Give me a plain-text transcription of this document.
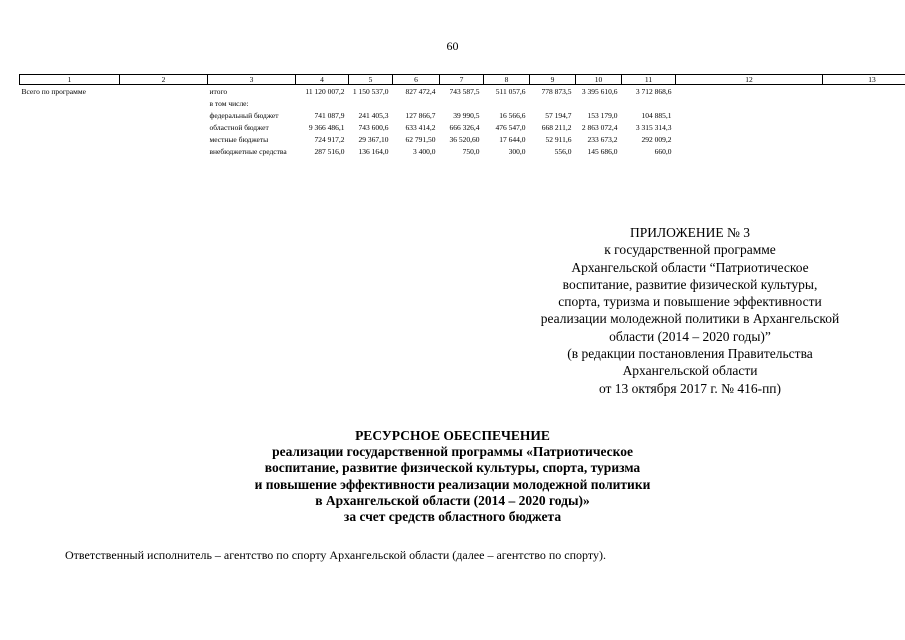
60
1	2	3	4	5	6	7	8	9	10	11	12	13
Всего по программе		итого	11 120 007,2	1 150 537,0	827 472,4	743 587,5	511 057,6	778 873,5	3 395 610,6	3 712 868,6		
		в том числе:										
		федеральный бюджет	741 087,9	241 405,3	127 866,7	39 990,5	16 566,6	57 194,7	153 179,0	104 885,1		
		областной бюджет	9 366 486,1	743 600,6	633 414,2	666 326,4	476 547,0	668 211,2	2 863 072,4	3 315 314,3		
		местные бюджеты	724 917,2	29 367,10	62 791,50	36 520,60	17 644,0	52 911,6	233 673,2	292 009,2		
		внебюджетные средства	287 516,0	136 164,0	3 400,0	750,0	300,0	556,0	145 686,0	660,0		
ПРИЛОЖЕНИЕ № 3
к государственной программе
Архангельской области “Патриотическое
воспитание, развитие физической культуры,
спорта, туризма и повышение эффективности
реализации молодежной политики в Архангельской
области (2014 – 2020 годы)”
(в редакции постановления Правительства
Архангельской области
от 13 октября 2017 г. № 416-пп)
РЕСУРСНОЕ ОБЕСПЕЧЕНИЕ
реализации государственной программы «Патриотическое
воспитание, развитие физической культуры, спорта, туризма
и повышение эффективности реализации молодежной политики
в Архангельской области (2014 – 2020 годы)»
за счет средств областного бюджета
Ответственный исполнитель – агентство по спорту Архангельской области (далее – агентство по спорту).
